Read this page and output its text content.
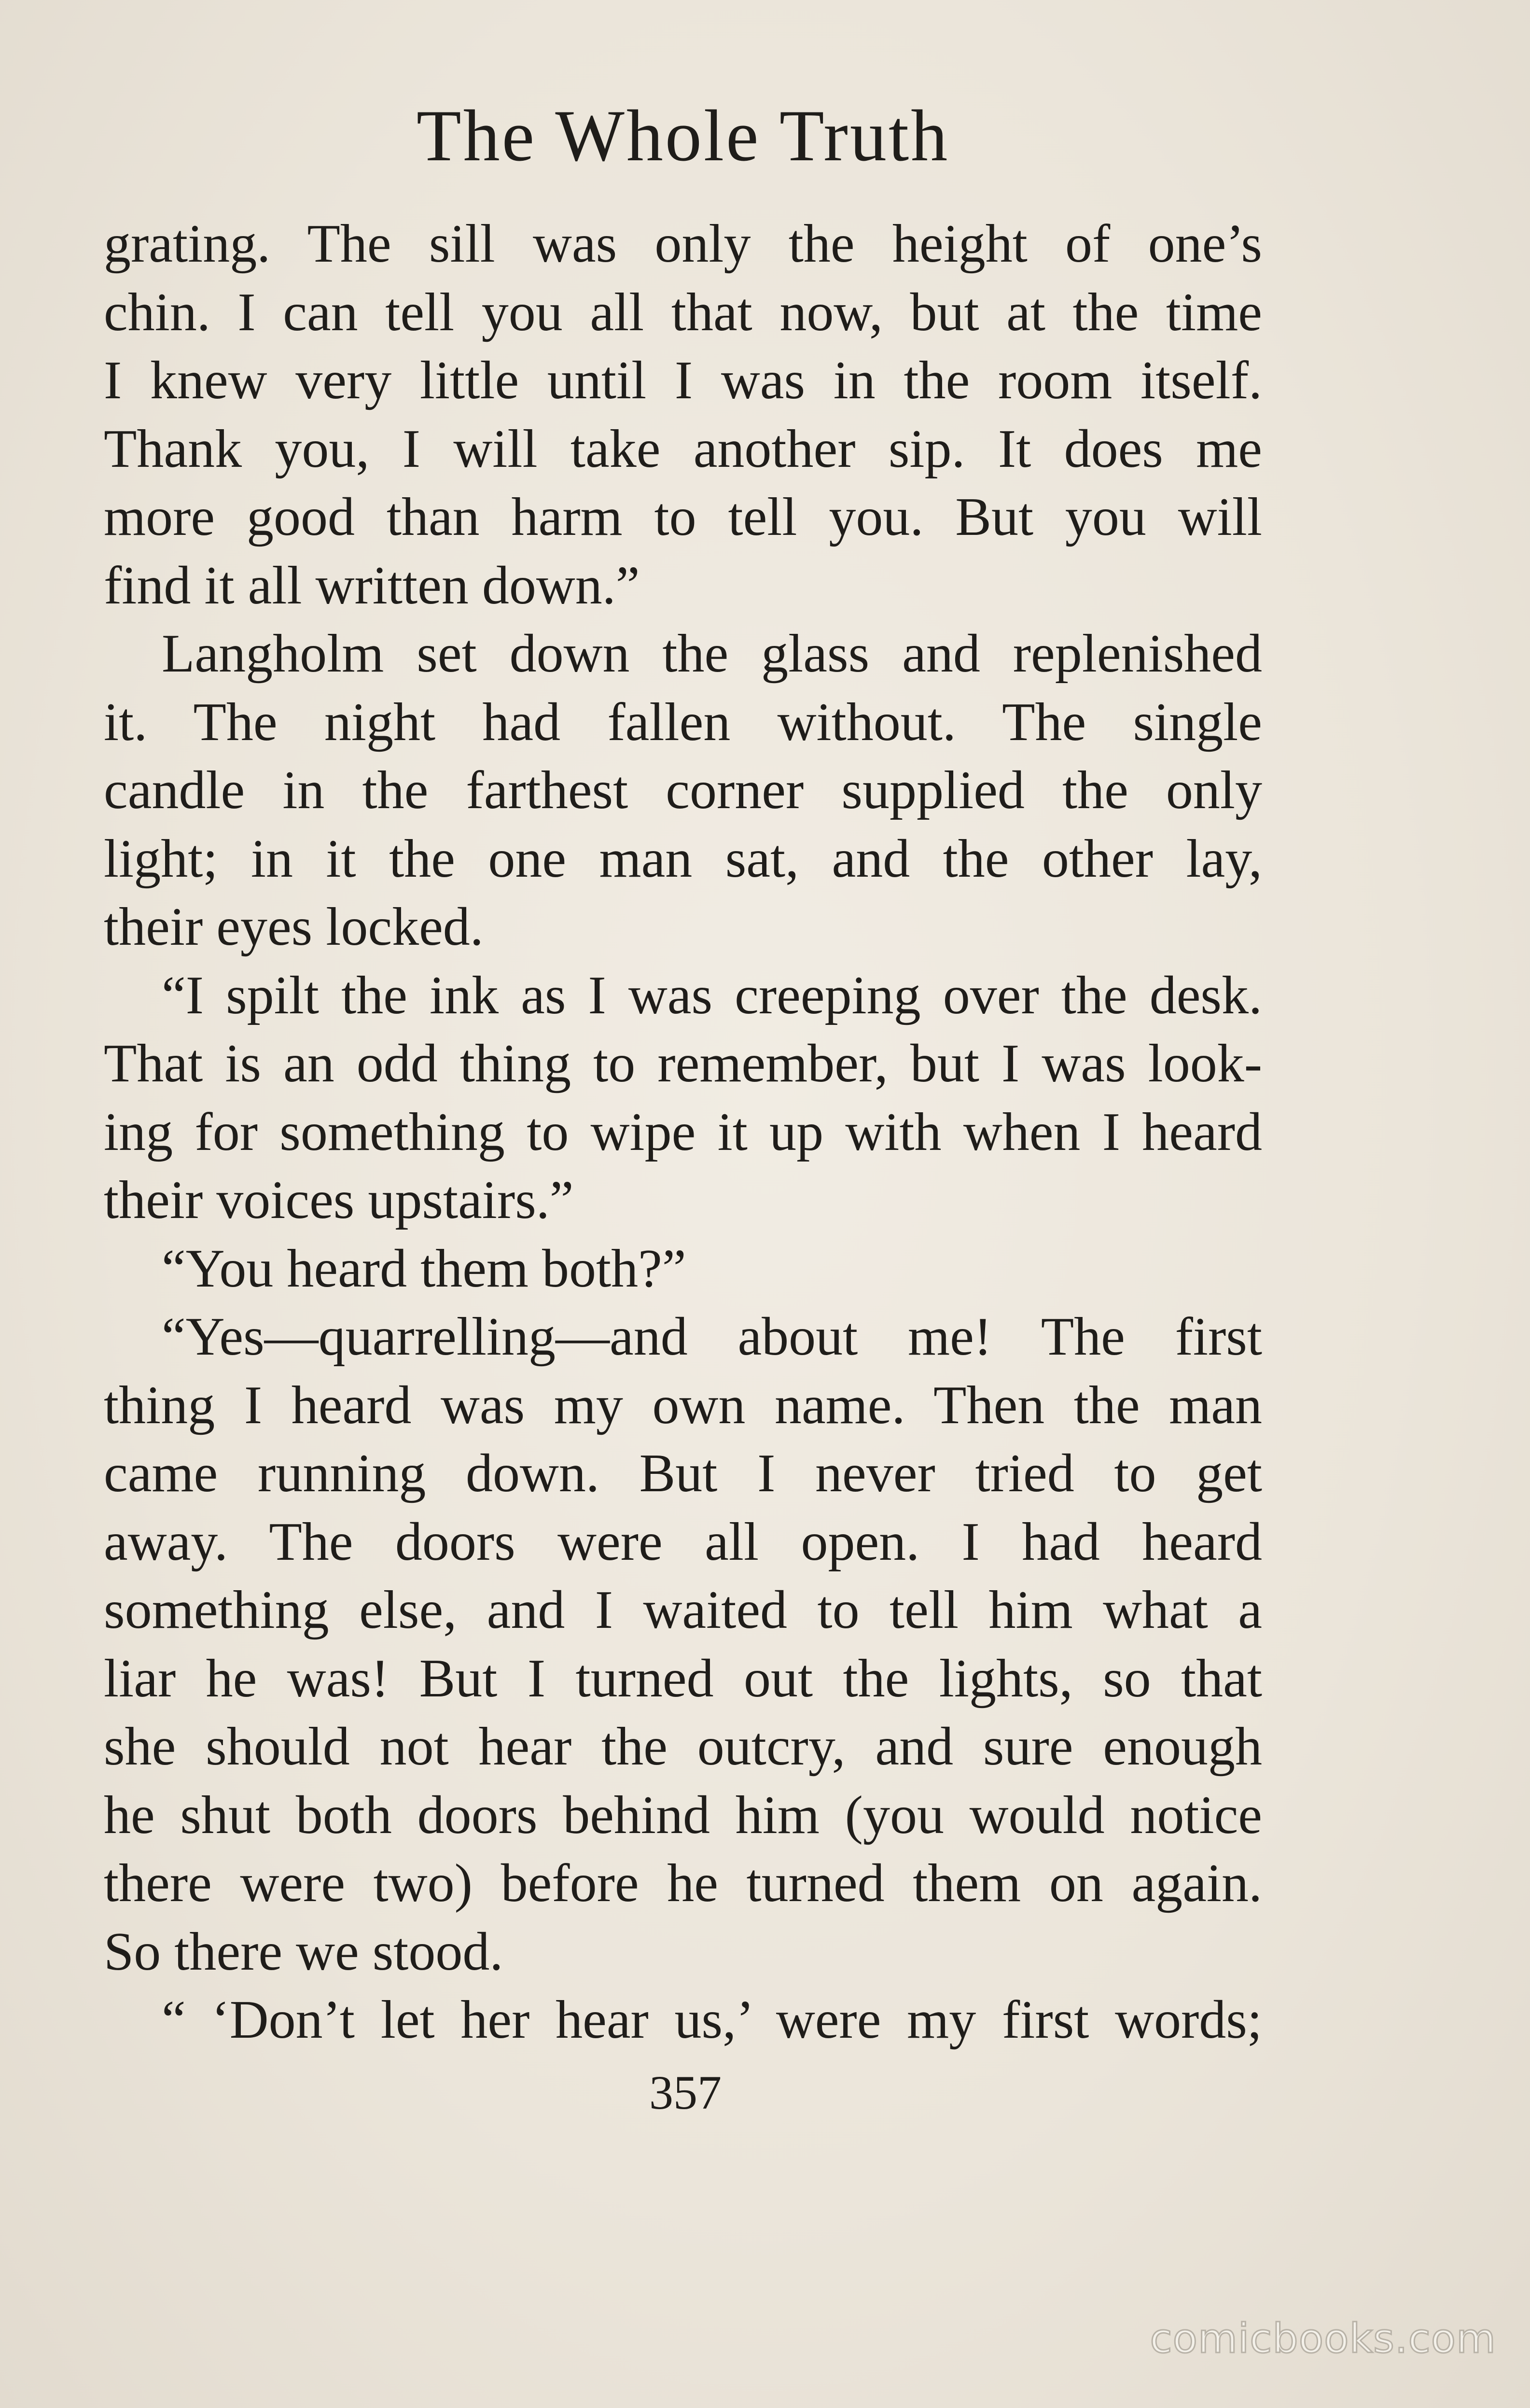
The Whole Truth
grating. The sill was only the height of one’s
chin. I can tell you all that now, but at the time
I knew very little until I was in the room itself.
Thank you, I will take another sip. It does me
more good than harm to tell you. But you will
find it all written down.”
Langholm set down the glass and replenished
it. The night had fallen without. The single
candle in the farthest corner supplied the only
light; in it the one man sat, and the other lay,
their eyes locked.
“I spilt the ink as I was creeping over the desk.
That is an odd thing to remember, but I was look-
ing for something to wipe it up with when I heard
their voices upstairs.”
“You heard them both?”
“Yes—quarrelling—and about me! The first
thing I heard was my own name. Then the man
came running down. But I never tried to get
away. The doors were all open. I had heard
something else, and I waited to tell him what a
liar he was! But I turned out the lights, so that
she should not hear the outcry, and sure enough
he shut both doors behind him (you would notice
there were two) before he turned them on again.
So there we stood.
“ ‘Don’t let her hear us,’ were my first words;
357
comicbooks.com
